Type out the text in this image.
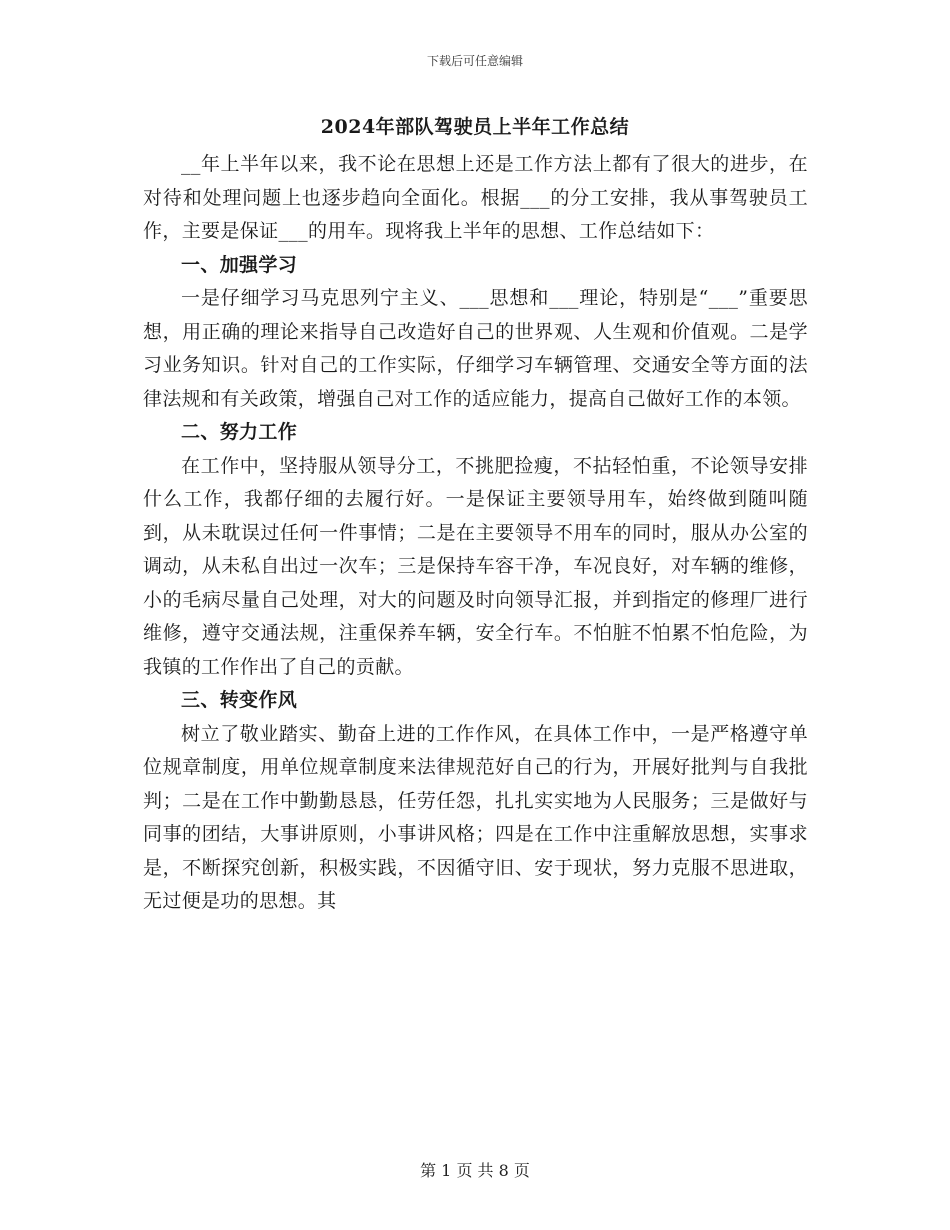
下载后可任意编辑
2024年部队驾驶员上半年工作总结

__年上半年以来，我不论在思想上还是工作方法上都有了很大的进步，在对待和处理问题上也逐步趋向全面化。根据___的分工安排，我从事驾驶员工作，主要是保证___的用车。现将我上半年的思想、工作总结如下：

一、加强学习

一是仔细学习马克思列宁主义、___思想和___理论，特别是“___”重要思想，用正确的理论来指导自己改造好自己的世界观、人生观和价值观。二是学习业务知识。针对自己的工作实际，仔细学习车辆管理、交通安全等方面的法律法规和有关政策，增强自己对工作的适应能力，提高自己做好工作的本领。

二、努力工作

在工作中，坚持服从领导分工，不挑肥捡瘦，不拈轻怕重，不论领导安排什么工作，我都仔细的去履行好。一是保证主要领导用车，始终做到随叫随到，从未耽误过任何一件事情；二是在主要领导不用车的同时，服从办公室的调动，从未私自出过一次车；三是保持车容干净，车况良好，对车辆的维修，小的毛病尽量自己处理，对大的问题及时向领导汇报，并到指定的修理厂进行维修，遵守交通法规，注重保养车辆，安全行车。不怕脏不怕累不怕危险，为我镇的工作作出了自己的贡献。

三、转变作风

树立了敬业踏实、勤奋上进的工作作风，在具体工作中，一是严格遵守单位规章制度，用单位规章制度来法律规范好自己的行为，开展好批判与自我批判；二是在工作中勤勤恳恳，任劳任怨，扎扎实实地为人民服务；三是做好与同事的团结，大事讲原则，小事讲风格；四是在工作中注重解放思想，实事求是，不断探究创新，积极实践，不因循守旧、安于现状，努力克服不思进取，无过便是功的思想。其

第 1 页 共 8 页
